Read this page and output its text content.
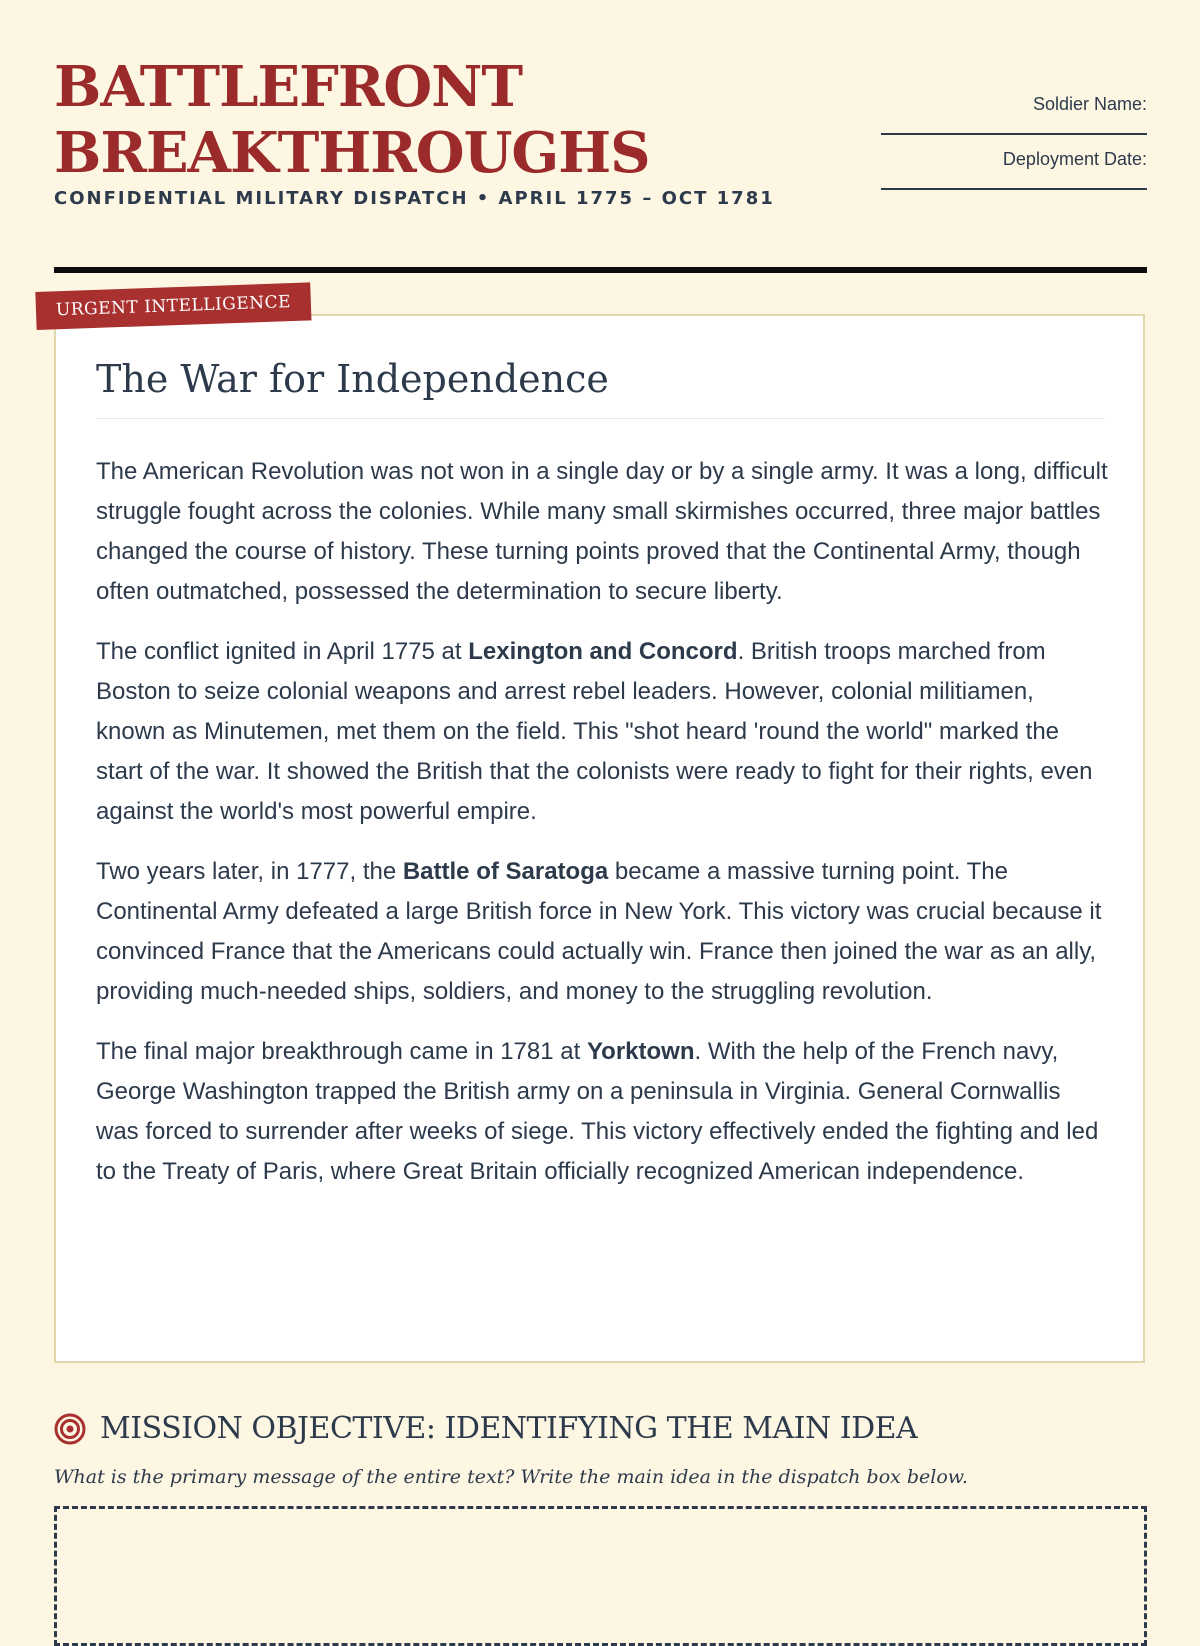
BATTLEFRONT
BREAKTHROUGHS
CONFIDENTIAL MILITARY DISPATCH • APRIL 1775 – OCT 1781
Soldier Name:
Deployment Date:
The War for Independence

The American Revolution was not won in a single day or by a single army. It was a long, difficult struggle fought across the colonies. While many small skirmishes occurred, three major battles changed the course of history. These turning points proved that the Continental Army, though often outmatched, possessed the determination to secure liberty.

The conflict ignited in April 1775 at Lexington and Concord. British troops marched from Boston to seize colonial weapons and arrest rebel leaders. However, colonial militiamen, known as Minutemen, met them on the field. This "shot heard 'round the world" marked the start of the war. It showed the British that the colonists were ready to fight for their rights, even against the world's most powerful empire.

Two years later, in 1777, the Battle of Saratoga became a massive turning point. The Continental Army defeated a large British force in New York. This victory was crucial because it convinced France that the Americans could actually win. France then joined the war as an ally, providing much-needed ships, soldiers, and money to the struggling revolution.

The final major breakthrough came in 1781 at Yorktown. With the help of the French navy, George Washington trapped the British army on a peninsula in Virginia. General Cornwallis was forced to surrender after weeks of siege. This victory effectively ended the fighting and led to the Treaty of Paris, where Great Britain officially recognized American independence.

URGENT INTELLIGENCE
MISSION OBJECTIVE: IDENTIFYING THE MAIN IDEA
What is the primary message of the entire text? Write the main idea in the dispatch box below.
